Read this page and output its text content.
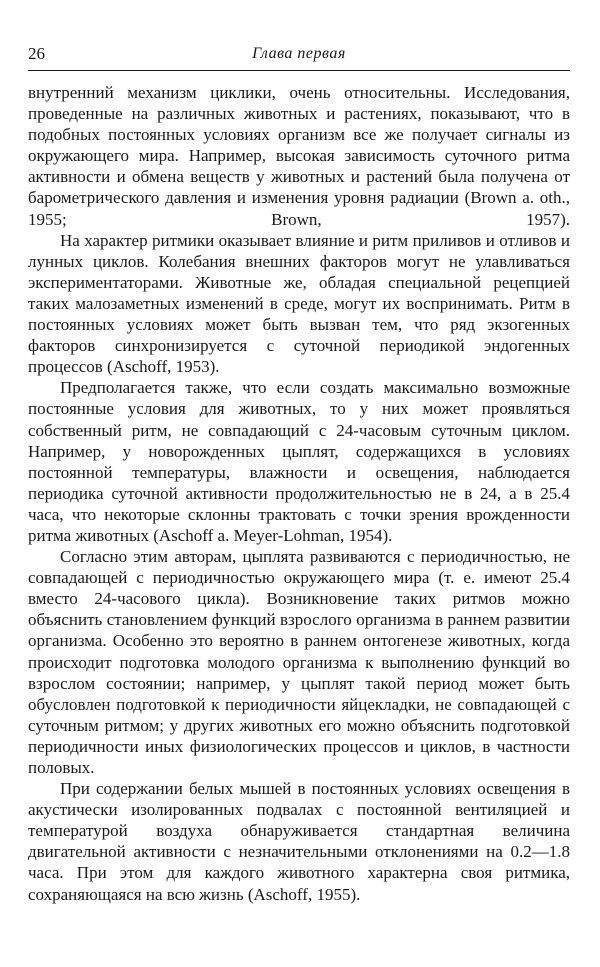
26	Глава первая

внутренний механизм циклики, очень относительны. Исследования, проведенные на различных животных и растениях, показывают, что в подобных постоянных условиях организм все же получает сигналы из окружающего мира. Например, высокая зависимость суточного ритма активности и обмена веществ у животных и растений была получена от барометрического давления и изменения уровня радиации (Brown a. oth., 1955; Brown, 1957).

На характер ритмики оказывает влияние и ритм приливов и отливов и лунных циклов. Колебания внешних факторов могут не улавливаться экспериментаторами. Животные же, обладая специальной рецепцией таких малозаметных изменений в среде, могут их воспринимать. Ритм в постоянных условиях может быть вызван тем, что ряд экзогенных факторов синхронизируется с суточной периодикой эндогенных процессов (Aschoff, 1953).

Предполагается также, что если создать максимально возможные постоянные условия для животных, то у них может проявляться собственный ритм, не совпадающий с 24-часовым суточным циклом. Например, у новорожденных цыплят, содержащихся в условиях постоянной температуры, влажности и освещения, наблюдается периодика суточной активности продолжительностью не в 24, а в 25.4 часа, что некоторые склонны трактовать с точки зрения врожденности ритма животных (Aschoff a. Meyer-Lohman, 1954).

Согласно этим авторам, цыплята развиваются с периодичностью, не совпадающей с периодичностью окружающего мира (т. е. имеют 25.4 вместо 24-часового цикла). Возникновение таких ритмов можно объяснить становлением функций взрослого организма в раннем развитии организма. Особенно это вероятно в раннем онтогенезе животных, когда происходит подготовка молодого организма к выполнению функций во взрослом состоянии; например, у цыплят такой период может быть обусловлен подготовкой к периодичности яйцекладки, не совпадающей с суточным ритмом; у других животных его можно объяснить подготовкой периодичности иных физиологических процессов и циклов, в частности половых.

При содержании белых мышей в постоянных условиях освещения в акустически изолированных подвалах с постоянной вентиляцией и температурой воздуха обнаруживается стандартная величина двигательной активности с незначительными отклонениями на 0.2—1.8 часа. При этом для каждого животного характерна своя ритмика, сохраняющаяся на всю жизнь (Aschoff, 1955).
